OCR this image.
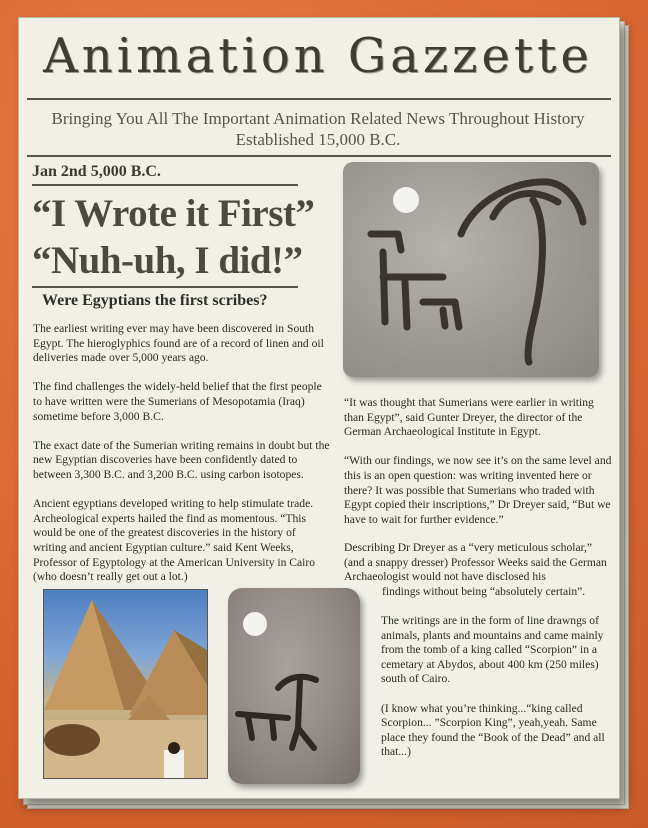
Animation Gazzette
Bringing You All The Important Animation Related News Throughout History
Established 15,000 B.C.
Jan 2nd 5,000 B.C.
“I Wrote it First”
“Nuh-uh, I did!”
Were Egyptians the first scribes?

The earliest writing ever may have been discovered in South Egypt. The hieroglyphics found are of a record of linen and oil deliveries made over 5,000 years ago.

The find challenges the widely-held belief that the first people to have written were the Sumerians of Mesopotamia (Iraq) sometime before 3,000 B.C.

The exact date of the Sumerian writing remains in doubt but the new Egyptian discoveries have been confidently dated to between 3,300 B.C. and 3,200 B.C. using carbon isotopes.

Ancient egyptians developed writing to help stimulate trade. Archeological experts hailed the find as momentous. “This would be one of the greatest discoveries in the history of writing and ancient Egyptian culture.” said Kent Weeks, Professor of Egyptology at the American University in Cairo (who doesn’t really get out a lot.)

“It was thought that Sumerians were earlier in writing than Egypt”, said Gunter Dreyer, the director of the German Archaeological Institute in Egypt.

“With our findings, we now see it’s on the same level and this is an open question: was writing invented here or there? It was possible that Sumerians who traded with Egypt copied their inscriptions,” Dr Dreyer said, “But we have to wait for further evidence.”

Describing Dr Dreyer as a “very meticulous scholar,” (and a snappy dresser) Professor Weeks said the German Archaeologist would not have disclosed his
findings without being “absolutely certain”.

The writings are in the form of line drawngs of animals, plants and mountains and came mainly from the tomb of a king called “Scorpion” in a cemetary at Abydos, about 400 km (250 miles) south of Cairo.

(I know what you’re thinking...“king called Scorpion... ”Scorpion King”, yeah,yeah. Same place they found the “Book of the Dead” and all that...)
